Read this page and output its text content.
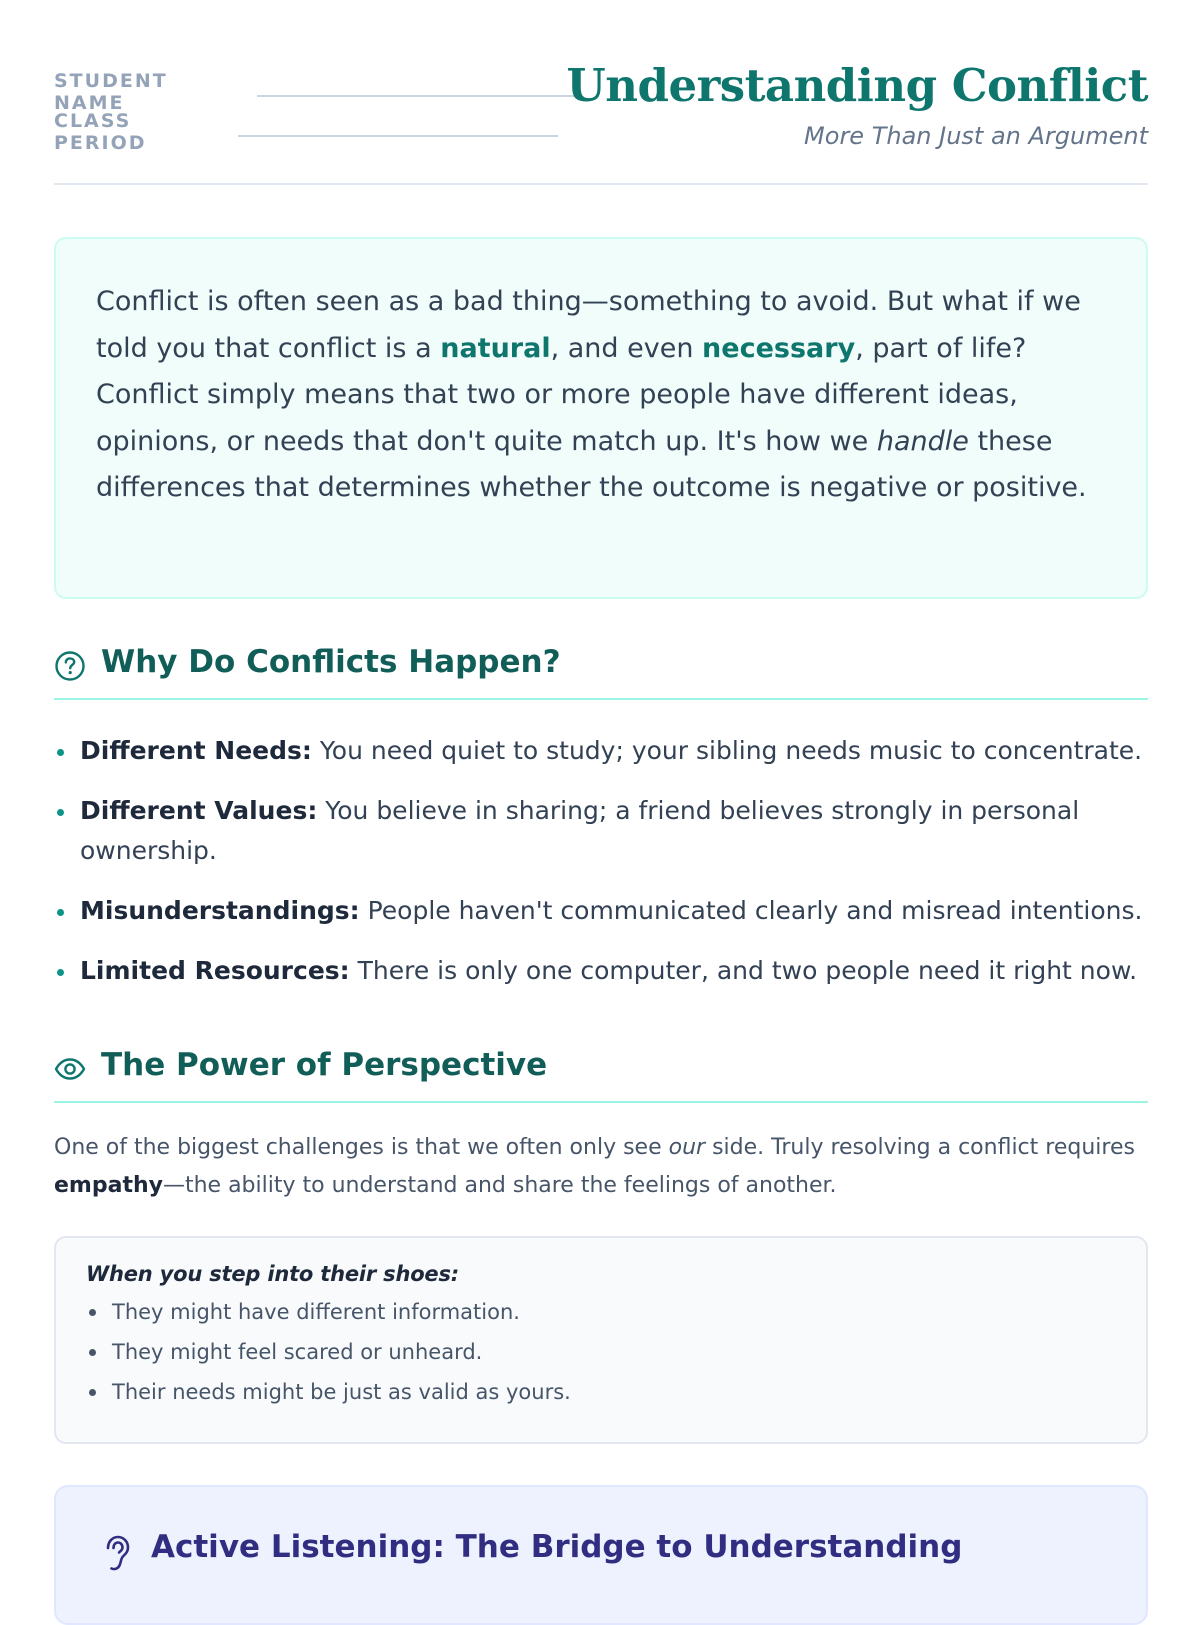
STUDENT NAME
CLASS PERIOD
Understanding Conflict
More Than Just an Argument
Conflict is often seen as a bad thing—something to avoid. But what if we told you that conflict is a natural, and even necessary, part of life? Conflict simply means that two or more people have different ideas, opinions, or needs that don't quite match up. It's how we handle these differences that determines whether the outcome is negative or positive.
Why Do Conflicts Happen?
Different Needs: You need quiet to study; your sibling needs music to concentrate.
Different Values: You believe in sharing; a friend believes strongly in personal ownership.
Misunderstandings: People haven't communicated clearly and misread intentions.
Limited Resources: There is only one computer, and two people need it right now.
The Power of Perspective
One of the biggest challenges is that we often only see our side. Truly resolving a conflict requires empathy—the ability to understand and share the feelings of another.
When you step into their shoes:
They might have different information.
They might feel scared or unheard.
Their needs might be just as valid as yours.
Active Listening: The Bridge to Understanding
